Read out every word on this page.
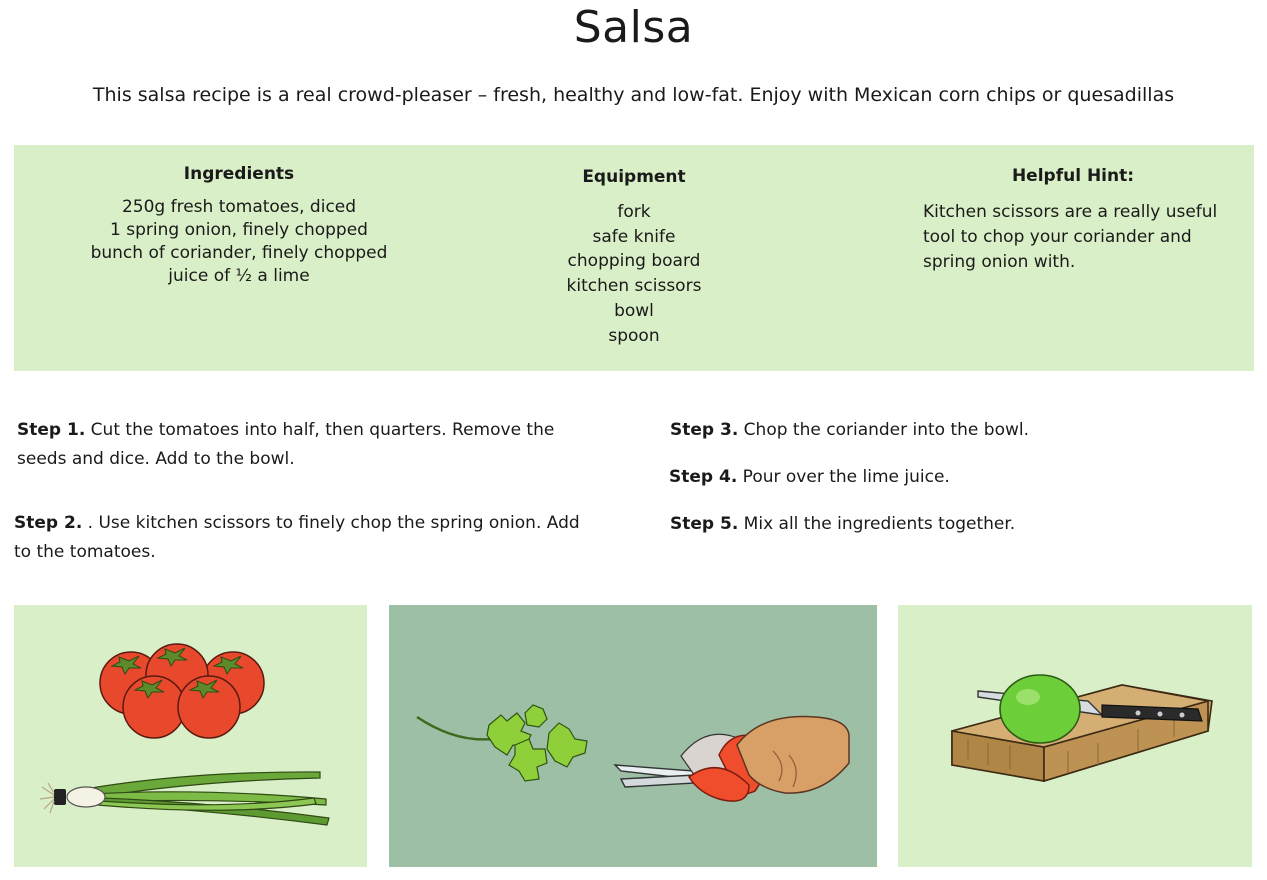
Salsa
This salsa recipe is a real crowd-pleaser – fresh, healthy and low-fat. Enjoy with Mexican corn chips or quesadillas
Ingredients
250g fresh tomatoes, diced
1 spring onion, finely chopped
bunch of coriander, finely chopped
juice of ½ a lime
Equipment
fork
safe knife
chopping board
kitchen scissors
bowl
spoon
Helpful Hint:

Kitchen scissors are a really useful tool to chop your coriander and spring onion with.

Step 1. Cut the tomatoes into half, then quarters. Remove the seeds and dice. Add to the bowl.

Step 2. . Use kitchen scissors to finely chop the spring onion. Add to the tomatoes.

Step 3. Chop the coriander into the bowl.

Step 4. Pour over the lime juice.

Step 5. Mix all the ingredients together.
